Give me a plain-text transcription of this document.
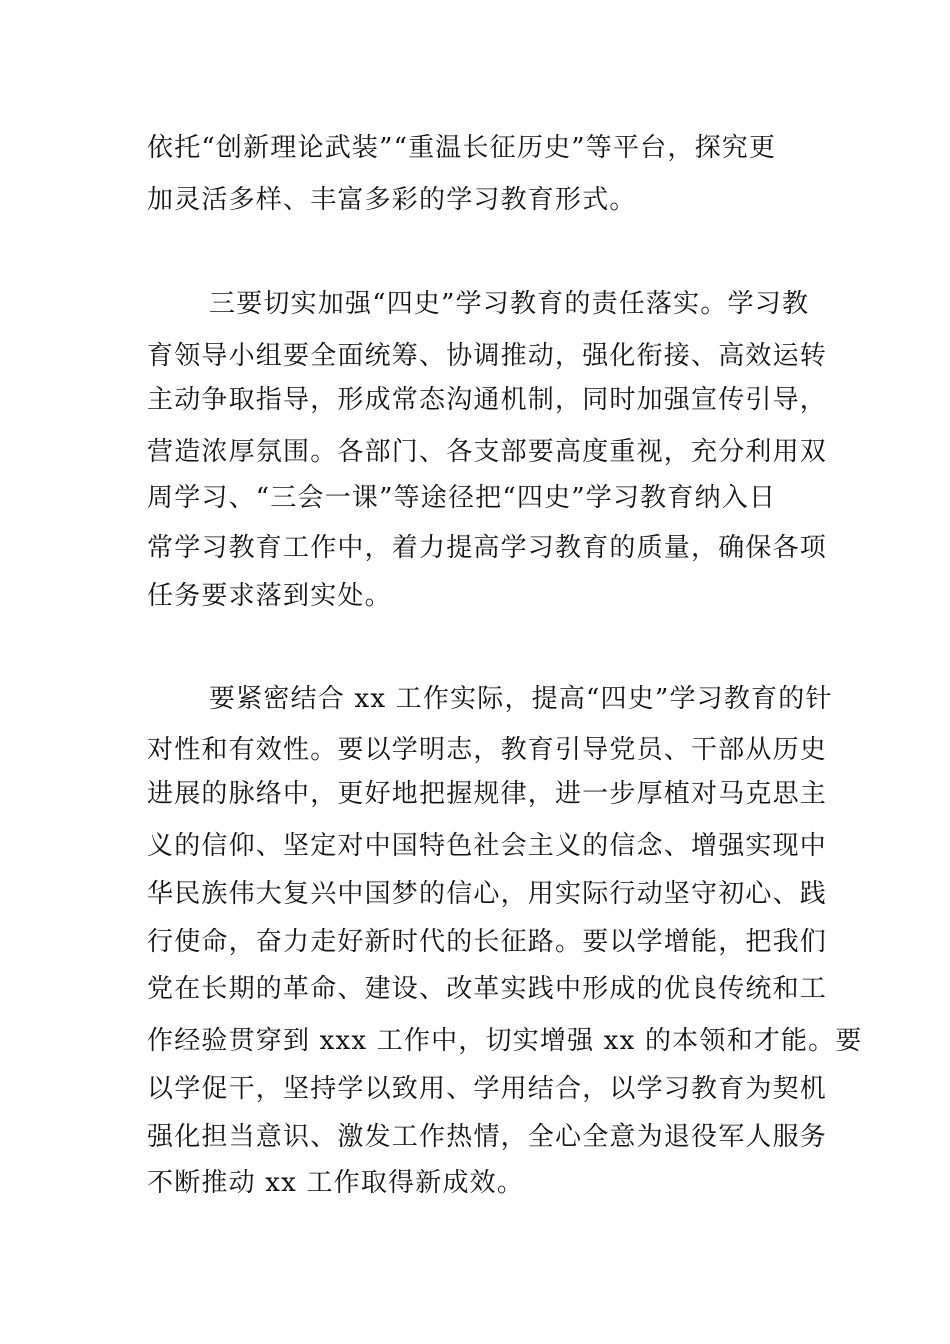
依托“创新理论武装”“重温长征历史”等平台，探究更
加灵活多样、丰富多彩的学习教育形式。
三要切实加强“四史”学习教育的责任落实。学习教
育领导小组要全面统筹、协调推动，强化衔接、高效运转
主动争取指导，形成常态沟通机制，同时加强宣传引导，
营造浓厚氛围。各部门、各支部要高度重视，充分利用双
周学习、“三会一课”等途径把“四史”学习教育纳入日
常学习教育工作中，着力提高学习教育的质量，确保各项
任务要求落到实处。
要紧密结合 xx 工作实际，提高“四史”学习教育的针
对性和有效性。要以学明志，教育引导党员、干部从历史
进展的脉络中，更好地把握规律，进一步厚植对马克思主
义的信仰、坚定对中国特色社会主义的信念、增强实现中
华民族伟大复兴中国梦的信心，用实际行动坚守初心、践
行使命，奋力走好新时代的长征路。要以学增能，把我们
党在长期的革命、建设、改革实践中形成的优良传统和工
作经验贯穿到 xxx 工作中，切实增强 xx 的本领和才能。要
以学促干，坚持学以致用、学用结合，以学习教育为契机
强化担当意识、激发工作热情，全心全意为退役军人服务
不断推动 xx 工作取得新成效。
